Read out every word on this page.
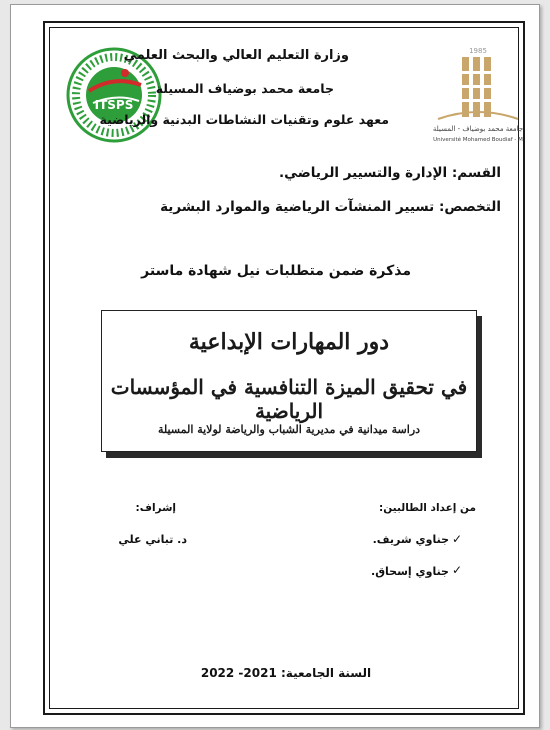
ITSPS
1985
جامعة محمد بوضياف - المسيلة
Université Mohamed Boudiaf - M
وزارة التعليم العالي والبحث العلمي
جامعة محمد بوضياف المسيلة
معهد علوم وتقنيات النشاطات البدنية والرياضية
القسم: الإدارة والتسيير الرياضي.
التخصص: تسيير المنشآت الرياضية والموارد البشرية
مذكرة ضمن متطلبات نيل شهادة ماستر
دور المهارات الإبداعية
في تحقيق الميزة التنافسية في المؤسسات الرياضية
دراسة ميدانية في مديرية الشباب والرياضة لولاية المسيلة
من إعداد الطالبين:
إشراف:
✓
جناوي شريف.
✓
جناوي إسحاق.
د. تباني علي
السنة الجامعية: 2021- 2022
